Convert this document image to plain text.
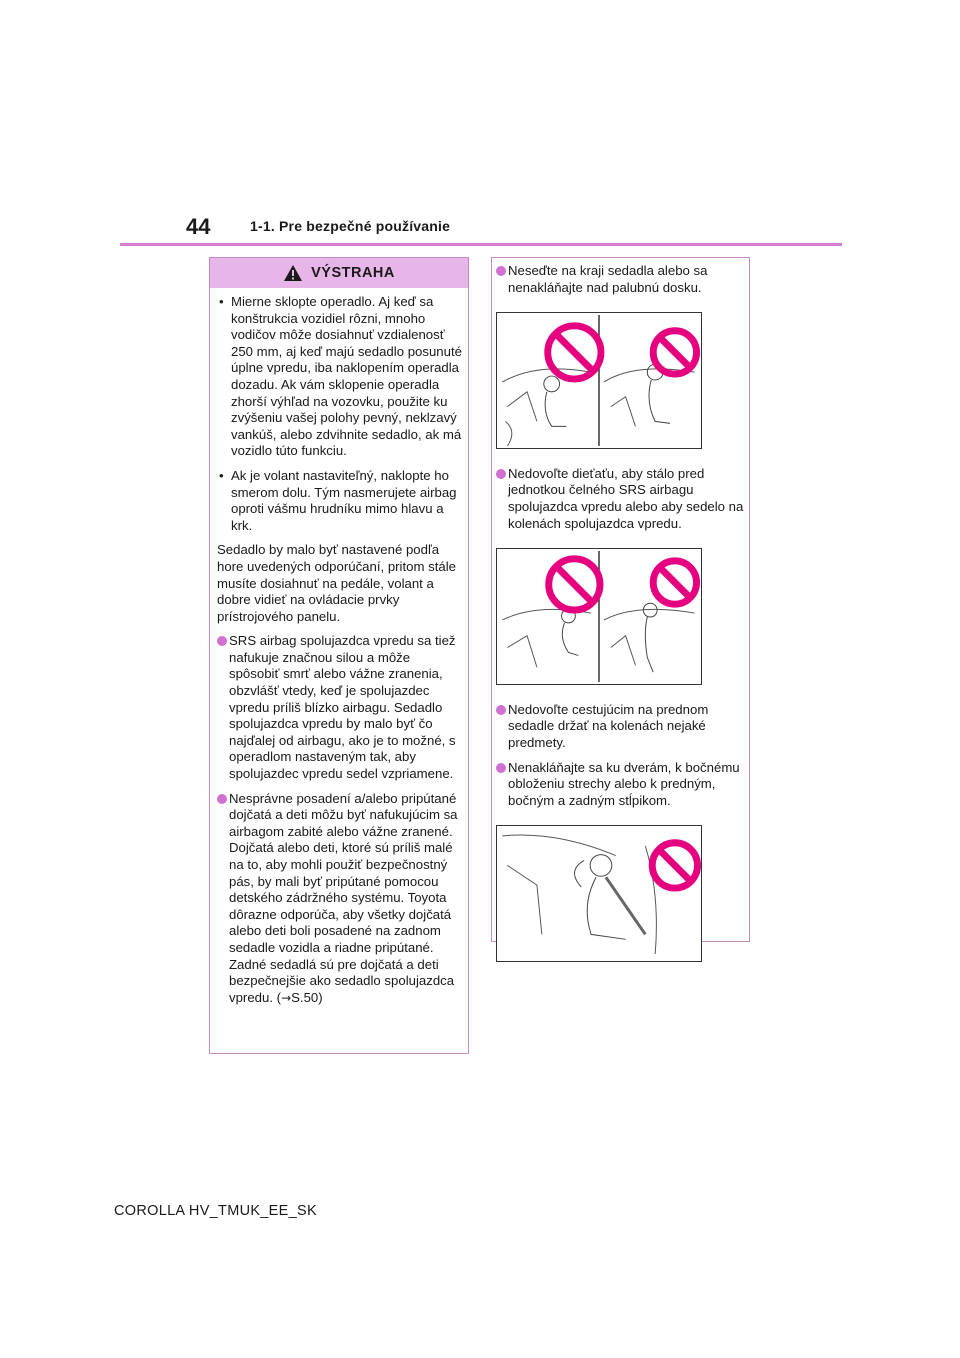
44	1-1. Pre bezpečné používanie
VÝSTRAHA
• Mierne sklopte operadlo. Aj keď sa konštrukcia vozidiel rôzni, mnoho vodičov môže dosiahnuť vzdialenosť 250 mm, aj keď majú sedadlo posunuté úplne vpredu, iba naklopením operadla dozadu. Ak vám sklopenie operadla zhorší výhľad na vozovku, použite ku zvýšeniu vašej polohy pevný, neklzavý vankúš, alebo zdvihnite sedadlo, ak má vozidlo túto funkciu.
• Ak je volant nastaviteľný, naklopte ho smerom dolu. Tým nasmerujete airbag oproti vášmu hrudníku mimo hlavu a krk.
Sedadlo by malo byť nastavené podľa hore uvedených odporúčaní, pritom stále musíte dosiahnuť na pedále, volant a dobre vidieť na ovládacie prvky prístrojového panelu.
SRS airbag spolujazdca vpredu sa tiež nafukuje značnou silou a môže spôsobiť smrť alebo vážne zranenia, obzvlášť vtedy, keď je spolujazdec vpredu príliš blízko airbagu. Sedadlo spolujazdca vpredu by malo byť čo najďalej od airbagu, ako je to možné, s operadlom nastaveným tak, aby spolujazdec vpredu sedel vzpriamene.
Nesprávne posadení a/alebo pripútané dojčatá a deti môžu byť nafukujúcim sa airbagom zabité alebo vážne zranené. Dojčatá alebo deti, ktoré sú príliš malé na to, aby mohli použiť bezpečnostný pás, by mali byť pripútané pomocou detského zádržného systému. Toyota dôrazne odporúča, aby všetky dojčatá alebo deti boli posadené na zadnom sedadle vozidla a riadne pripútané. Zadné sedadlá sú pre dojčatá a deti bezpečnejšie ako sedadlo spolujazdca vpredu. (→S.50)
Neseďte na kraji sedadla alebo sa nenakláňajte nad palubnú dosku.
Nedovoľte dieťaťu, aby stálo pred jednotkou čelného SRS airbagu spolujazdca vpredu alebo aby sedelo na kolenách spolujazdca vpredu.
Nedovoľte cestujúcim na prednom sedadle držať na kolenách nejaké predmety.
Nenakláňajte sa ku dverám, k bočnému obloženiu strechy alebo k predným, bočným a zadným stĺpikom.
COROLLA HV_TMUK_EE_SK
